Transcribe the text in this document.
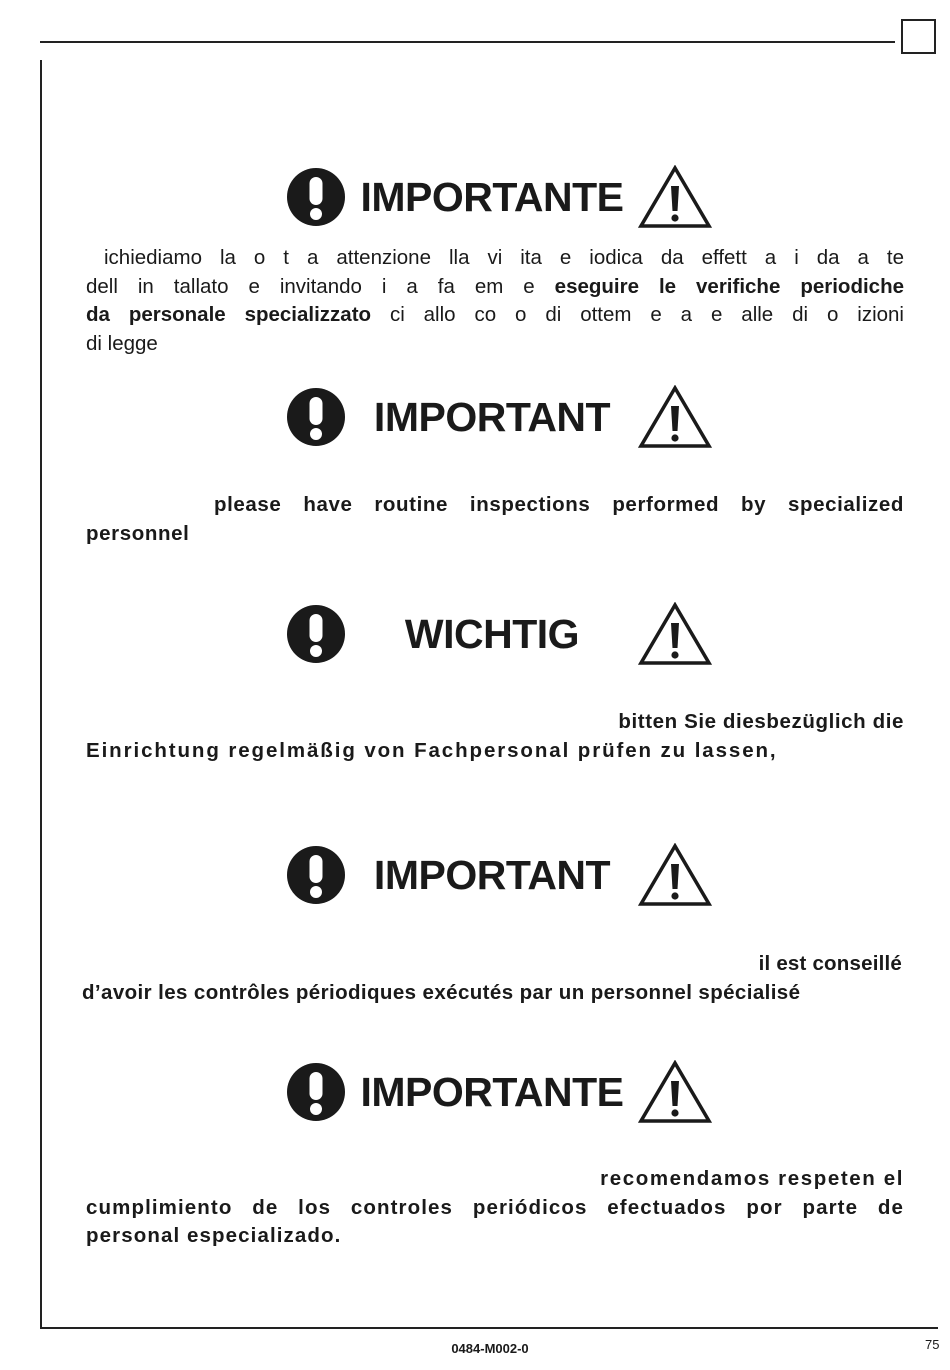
IMPORTANTE
ichiediamo la o t a attenzione lla vi ita e iodica da effett a i da a te
dell in tallato e invitando i a fa em e eseguire le verifiche periodiche
da personale specializzato ci allo co o di ottem e a e alle di o izioni
di legge
IMPORTANT
please have routine inspections performed by specialized
personnel
WICHTIG
bitten Sie diesbezüglich die
Einrichtung regelmäßig von Fachpersonal prüfen zu lassen,
IMPORTANT
il est conseillé
d’avoir les contrôles périodiques exécutés par un personnel spécialisé
IMPORTANTE
recomendamos respeten el
cumplimiento de los controles periódicos efectuados por parte de
personal especializado.
0484-M002-0	75
